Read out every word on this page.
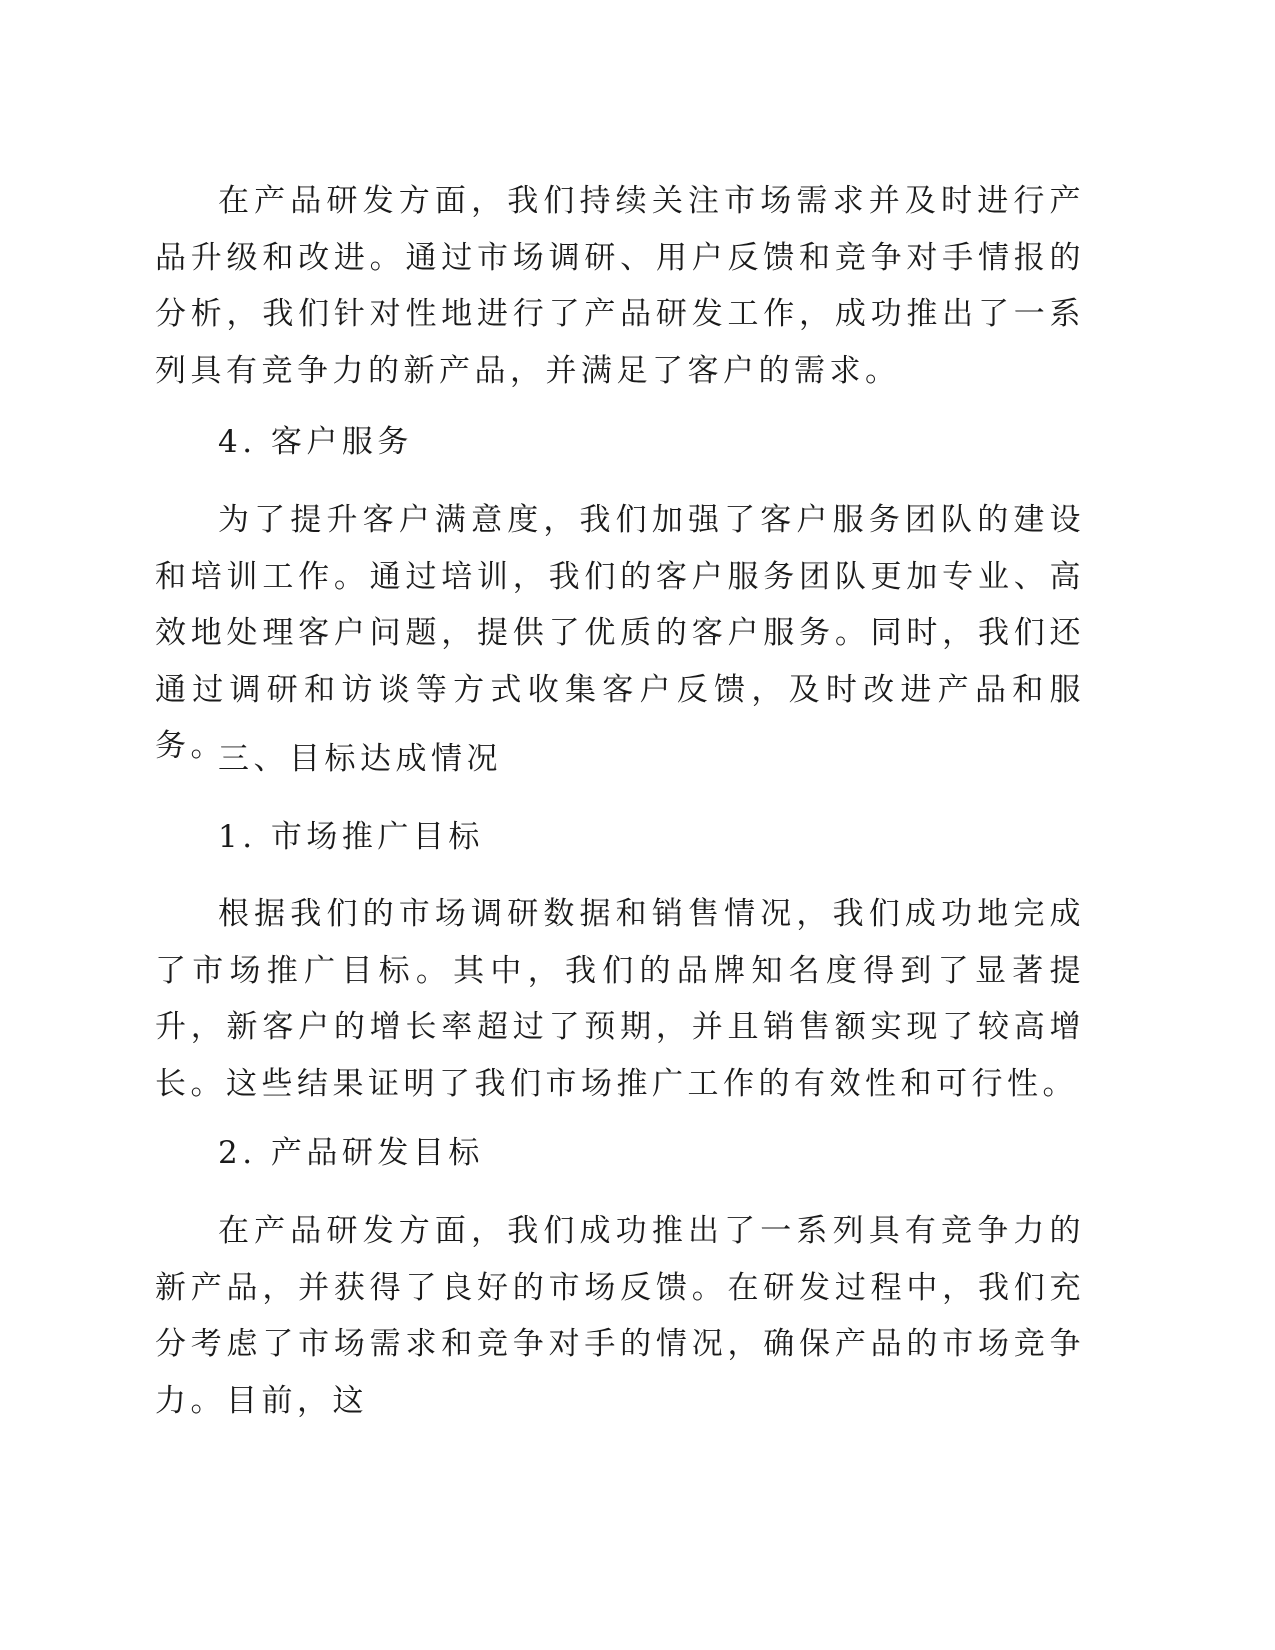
在产品研发方面，我们持续关注市场需求并及时进行产品升级和改进。通过市场调研、用户反馈和竞争对手情报的分析，我们针对性地进行了产品研发工作，成功推出了一系列具有竞争力的新产品，并满足了客户的需求。

4. 客户服务

为了提升客户满意度，我们加强了客户服务团队的建设和培训工作。通过培训，我们的客户服务团队更加专业、高效地处理客户问题，提供了优质的客户服务。同时，我们还通过调研和访谈等方式收集客户反馈，及时改进产品和服务。

三、目标达成情况

1. 市场推广目标

根据我们的市场调研数据和销售情况，我们成功地完成了市场推广目标。其中，我们的品牌知名度得到了显著提升，新客户的增长率超过了预期，并且销售额实现了较高增长。这些结果证明了我们市场推广工作的有效性和可行性。

2. 产品研发目标

在产品研发方面，我们成功推出了一系列具有竞争力的新产品，并获得了良好的市场反馈。在研发过程中，我们充分考虑了市场需求和竞争对手的情况，确保产品的市场竞争力。目前，这
